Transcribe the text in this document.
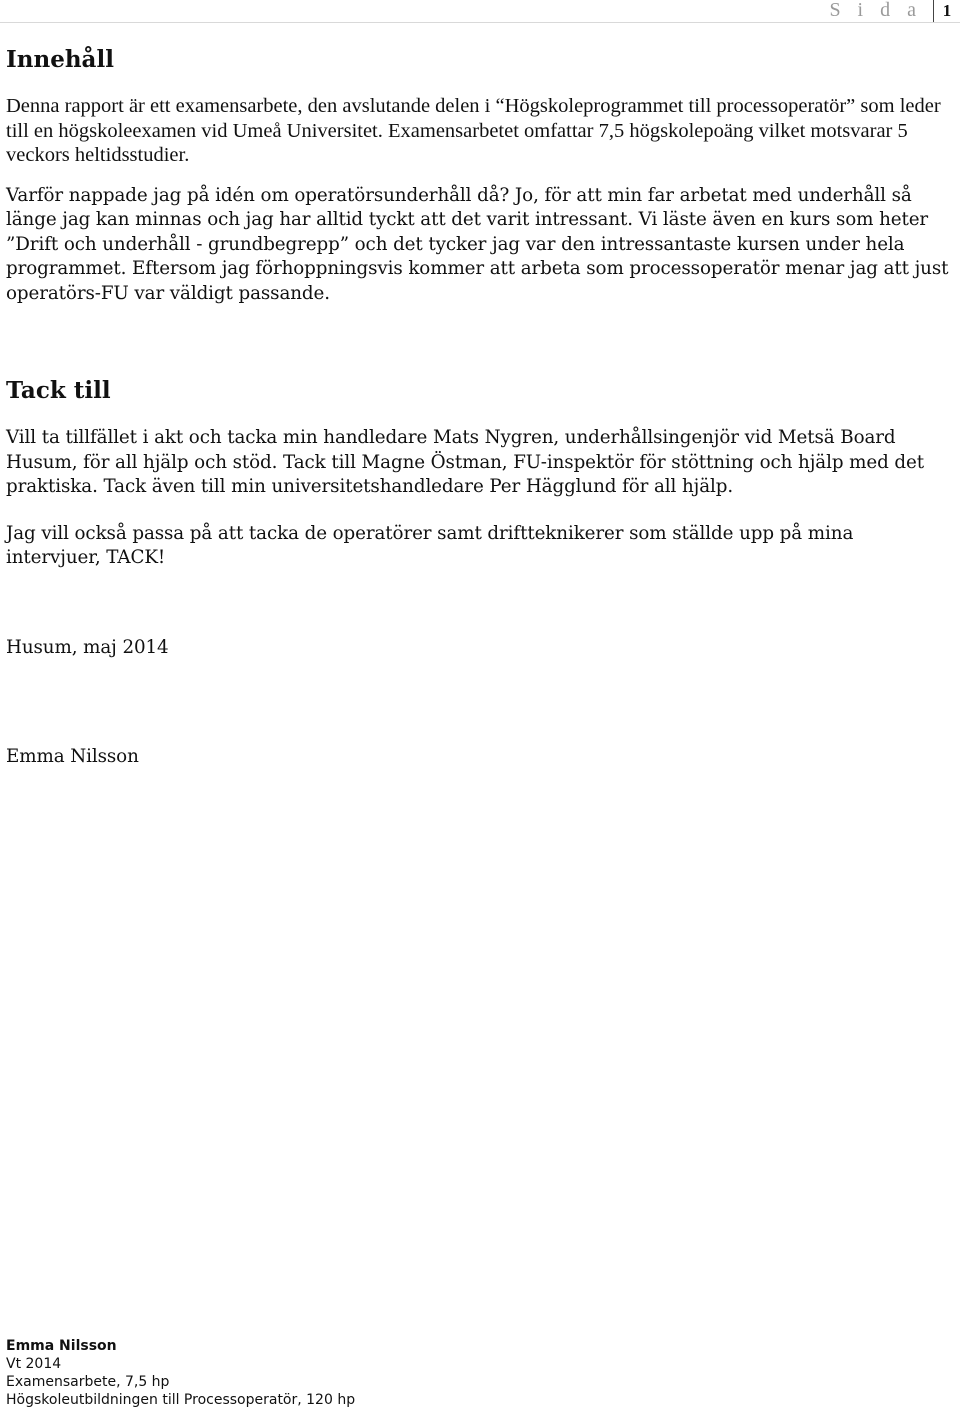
S i d a	1
Innehåll

Denna rapport är ett examensarbete, den avslutande delen i “Högskoleprogrammet till processoperatör” som leder till en högskoleexamen vid Umeå Universitet. Examensarbetet omfattar 7,5 högskolepoäng vilket motsvarar 5 veckors heltidsstudier.

Varför nappade jag på idén om operatörsunderhåll då? Jo, för att min far arbetat med underhåll så länge jag kan minnas och jag har alltid tyckt att det varit intressant. Vi läste även en kurs som heter ”Drift och underhåll - grundbegrepp” och det tycker jag var den intressantaste kursen under hela programmet. Eftersom jag förhoppningsvis kommer att arbeta som processoperatör menar jag att just operatörs-FU var väldigt passande.

Tack till

Vill ta tillfället i akt och tacka min handledare Mats Nygren, underhållsingenjör vid Metsä Board Husum, för all hjälp och stöd. Tack till Magne Östman, FU-inspektör för stöttning och hjälp med det praktiska. Tack även till min universitetshandledare Per Hägglund för all hjälp.

Jag vill också passa på att tacka de operatörer samt driftteknikerer som ställde upp på mina intervjuer, TACK!

Husum, maj 2014

Emma Nilsson

Emma Nilsson
Vt 2014
Examensarbete, 7,5 hp
Högskoleutbildningen till Processoperatör, 120 hp
